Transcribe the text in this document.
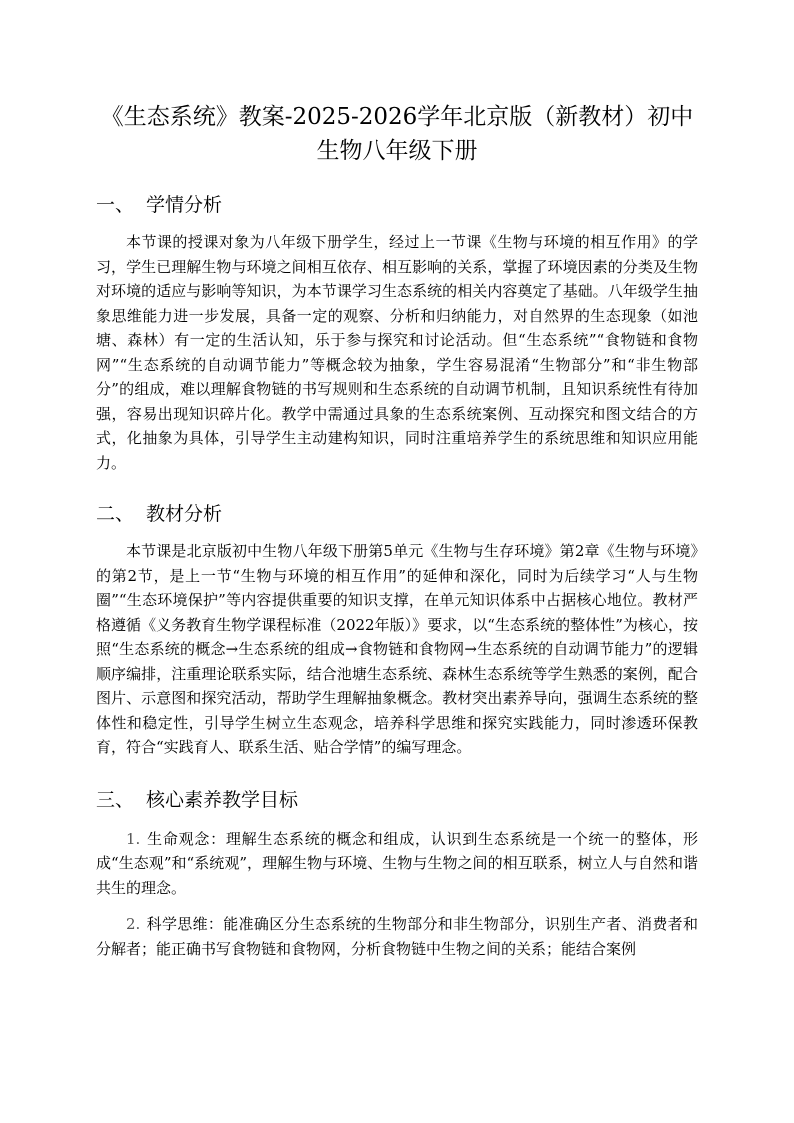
《生态系统》教案-2025-2026学年北京版（新教材）初中生物八年级下册
一、 学情分析

本节课的授课对象为八年级下册学生，经过上一节课《生物与环境的相互作用》的学习，学生已理解生物与环境之间相互依存、相互影响的关系，掌握了环境因素的分类及生物对环境的适应与影响等知识，为本节课学习生态系统的相关内容奠定了基础。八年级学生抽象思维能力进一步发展，具备一定的观察、分析和归纳能力，对自然界的生态现象（如池塘、森林）有一定的生活认知，乐于参与探究和讨论活动。但“生态系统”“食物链和食物网”“生态系统的自动调节能力”等概念较为抽象，学生容易混淆“生物部分”和“非生物部分”的组成，难以理解食物链的书写规则和生态系统的自动调节机制，且知识系统性有待加强，容易出现知识碎片化。教学中需通过具象的生态系统案例、互动探究和图文结合的方式，化抽象为具体，引导学生主动建构知识，同时注重培养学生的系统思维和知识应用能力。

二、 教材分析

本节课是北京版初中生物八年级下册第5单元《生物与生存环境》第2章《生物与环境》的第2节，是上一节“生物与环境的相互作用”的延伸和深化，同时为后续学习“人与生物圈”“生态环境保护”等内容提供重要的知识支撑，在单元知识体系中占据核心地位。教材严格遵循《义务教育生物学课程标准（2022年版）》要求，以“生态系统的整体性”为核心，按照“生态系统的概念→生态系统的组成→食物链和食物网→生态系统的自动调节能力”的逻辑顺序编排，注重理论联系实际，结合池塘生态系统、森林生态系统等学生熟悉的案例，配合图片、示意图和探究活动，帮助学生理解抽象概念。教材突出素养导向，强调生态系统的整体性和稳定性，引导学生树立生态观念，培养科学思维和探究实践能力，同时渗透环保教育，符合“实践育人、联系生活、贴合学情”的编写理念。

三、 核心素养教学目标

1. 生命观念：理解生态系统的概念和组成，认识到生态系统是一个统一的整体，形成“生态观”和“系统观”，理解生物与环境、生物与生物之间的相互联系，树立人与自然和谐共生的理念。

2. 科学思维：能准确区分生态系统的生物部分和非生物部分，识别生产者、消费者和分解者；能正确书写食物链和食物网，分析食物链中生物之间的关系；能结合案例
